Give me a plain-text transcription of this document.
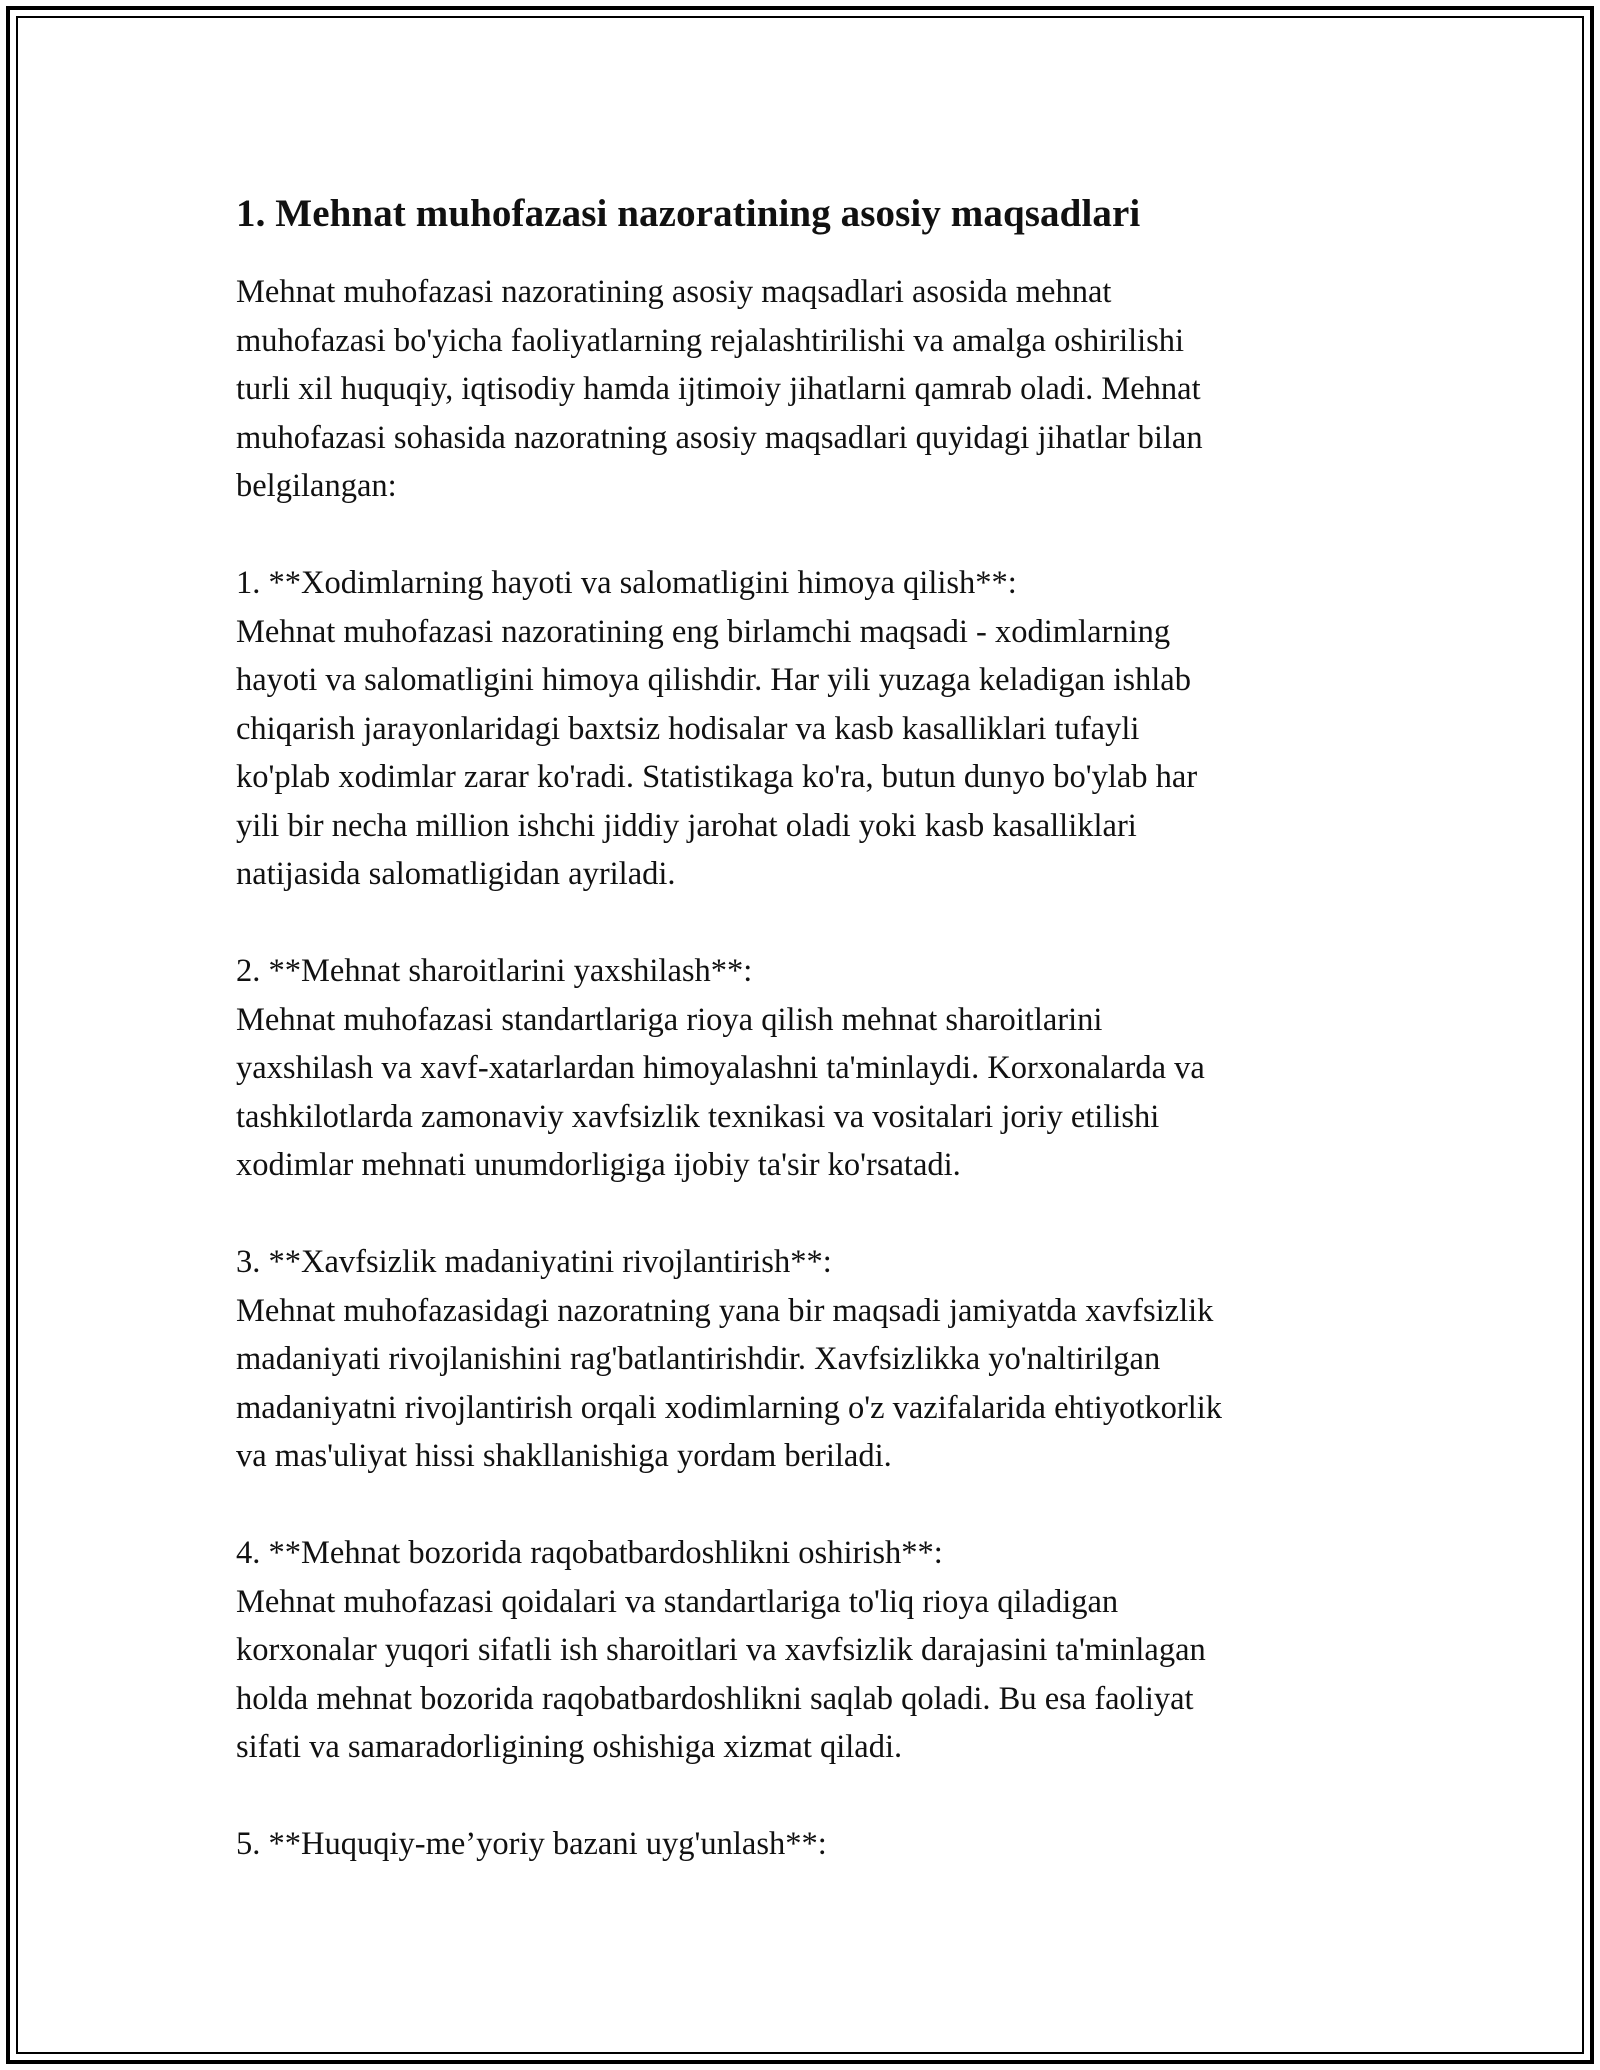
1. Mehnat muhofazasi nazoratining asosiy maqsadlari

Mehnat muhofazasi nazoratining asosiy maqsadlari asosida mehnat
muhofazasi bo'yicha faoliyatlarning rejalashtirilishi va amalga oshirilishi
turli xil huquqiy, iqtisodiy hamda ijtimoiy jihatlarni qamrab oladi. Mehnat
muhofazasi sohasida nazoratning asosiy maqsadlari quyidagi jihatlar bilan
belgilangan:

1. **Xodimlarning hayoti va salomatligini himoya qilish**:
Mehnat muhofazasi nazoratining eng birlamchi maqsadi - xodimlarning
hayoti va salomatligini himoya qilishdir. Har yili yuzaga keladigan ishlab
chiqarish jarayonlaridagi baxtsiz hodisalar va kasb kasalliklari tufayli
ko'plab xodimlar zarar ko'radi. Statistikaga ko'ra, butun dunyo bo'ylab har
yili bir necha million ishchi jiddiy jarohat oladi yoki kasb kasalliklari
natijasida salomatligidan ayriladi.
2. **Mehnat sharoitlarini yaxshilash**:
Mehnat muhofazasi standartlariga rioya qilish mehnat sharoitlarini
yaxshilash va xavf-xatarlardan himoyalashni ta'minlaydi. Korxonalarda va
tashkilotlarda zamonaviy xavfsizlik texnikasi va vositalari joriy etilishi
xodimlar mehnati unumdorligiga ijobiy ta'sir ko'rsatadi.
3. **Xavfsizlik madaniyatini rivojlantirish**:
Mehnat muhofazasidagi nazoratning yana bir maqsadi jamiyatda xavfsizlik
madaniyati rivojlanishini rag'batlantirishdir. Xavfsizlikka yo'naltirilgan
madaniyatni rivojlantirish orqali xodimlarning o'z vazifalarida ehtiyotkorlik
va mas'uliyat hissi shakllanishiga yordam beriladi.
4. **Mehnat bozorida raqobatbardoshlikni oshirish**:
Mehnat muhofazasi qoidalari va standartlariga to'liq rioya qiladigan
korxonalar yuqori sifatli ish sharoitlari va xavfsizlik darajasini ta'minlagan
holda mehnat bozorida raqobatbardoshlikni saqlab qoladi. Bu esa faoliyat
sifati va samaradorligining oshishiga xizmat qiladi.
5. **Huquqiy-me’yoriy bazani uyg'unlash**:
